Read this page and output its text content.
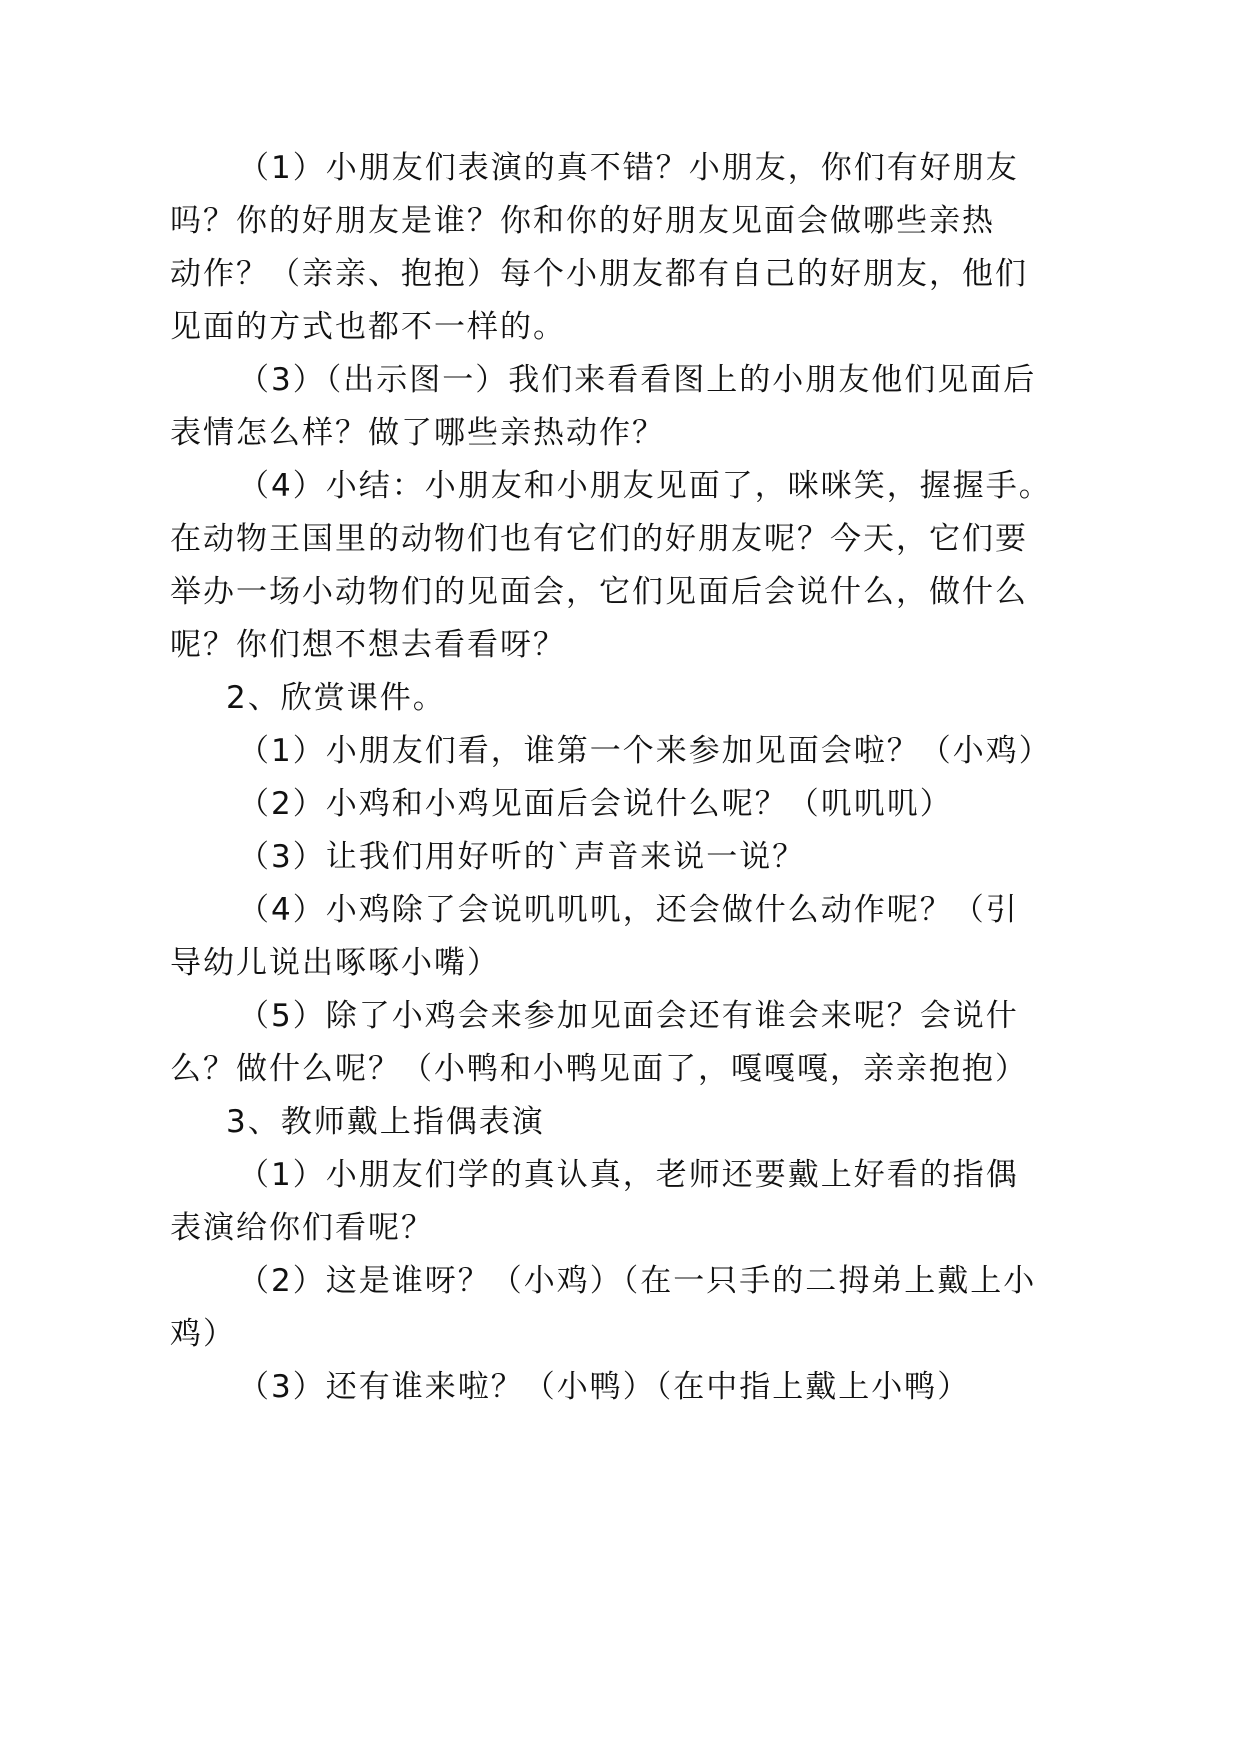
（1）小朋友们表演的真不错？小朋友，你们有好朋友
吗？你的好朋友是谁？你和你的好朋友见面会做哪些亲热
动作？（亲亲、抱抱）每个小朋友都有自己的好朋友，他们
见面的方式也都不一样的。
（3）（出示图一）我们来看看图上的小朋友他们见面后
表情怎么样？做了哪些亲热动作？
（4）小结：小朋友和小朋友见面了，咪咪笑，握握手。
在动物王国里的动物们也有它们的好朋友呢？今天，它们要
举办一场小动物们的见面会，它们见面后会说什么，做什么
呢？你们想不想去看看呀？
2、欣赏课件。
（1）小朋友们看，谁第一个来参加见面会啦？（小鸡）
（2）小鸡和小鸡见面后会说什么呢？（叽叽叽）
（3）让我们用好听的`声音来说一说？
（4）小鸡除了会说叽叽叽，还会做什么动作呢？（引
导幼儿说出啄啄小嘴）
（5）除了小鸡会来参加见面会还有谁会来呢？会说什
么？做什么呢？（小鸭和小鸭见面了，嘎嘎嘎，亲亲抱抱）
3、教师戴上指偶表演
（1）小朋友们学的真认真，老师还要戴上好看的指偶
表演给你们看呢？
（2）这是谁呀？（小鸡）（在一只手的二拇弟上戴上小
鸡）
（3）还有谁来啦？（小鸭）（在中指上戴上小鸭）
